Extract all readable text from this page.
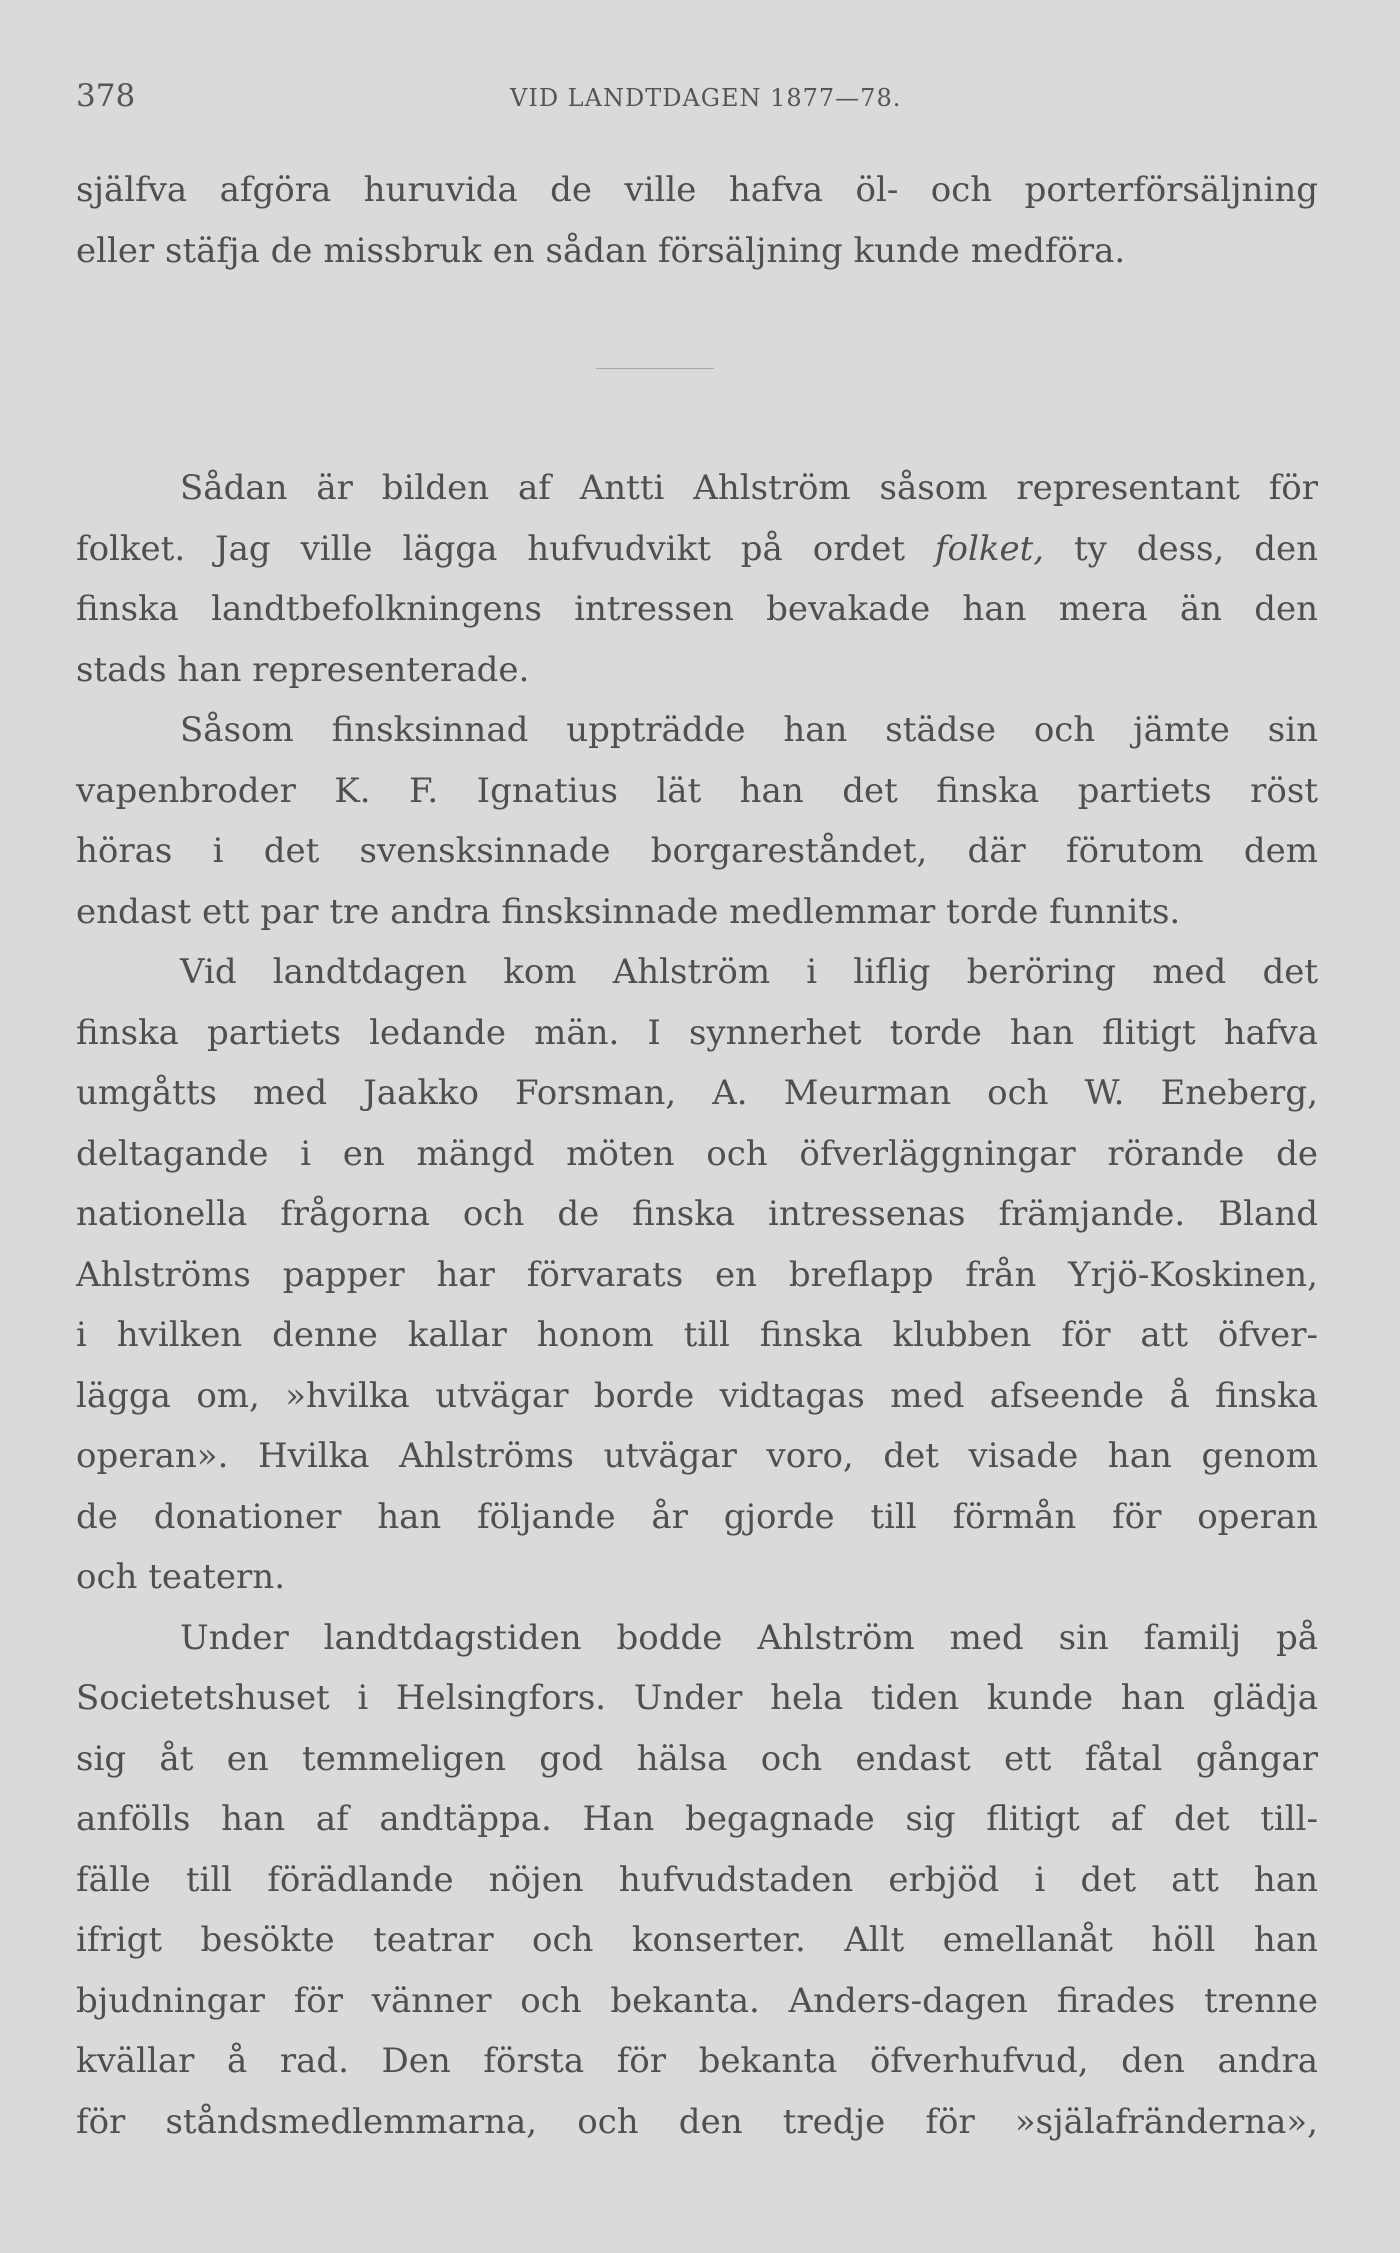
378	VID LANDTDAGEN 1877—78.
själfva afgöra huruvida de ville hafva öl- och porterförsäljning
eller stäfja de missbruk en sådan försäljning kunde medföra.
Sådan är bilden af Antti Ahlström såsom representant för
folket. Jag ville lägga hufvudvikt på ordet folket, ty dess, den
finska landtbefolkningens intressen bevakade han mera än den
stads han representerade.
Såsom finsksinnad uppträdde han städse och jämte sin
vapenbroder K. F. Ignatius lät han det finska partiets röst
höras i det svensksinnade borgareståndet, där förutom dem
endast ett par tre andra finsksinnade medlemmar torde funnits.
Vid landtdagen kom Ahlström i liflig beröring med det
finska partiets ledande män. I synnerhet torde han flitigt hafva
umgåtts med Jaakko Forsman, A. Meurman och W. Eneberg,
deltagande i en mängd möten och öfverläggningar rörande de
nationella frågorna och de finska intressenas främjande. Bland
Ahlströms papper har förvarats en breflapp från Yrjö-Koskinen,
i hvilken denne kallar honom till finska klubben för att öfver-
lägga om, »hvilka utvägar borde vidtagas med afseende å finska
operan». Hvilka Ahlströms utvägar voro, det visade han genom
de donationer han följande år gjorde till förmån för operan
och teatern.
Under landtdagstiden bodde Ahlström med sin familj på
Societetshuset i Helsingfors. Under hela tiden kunde han glädja
sig åt en temmeligen god hälsa och endast ett fåtal gångar
anfölls han af andtäppa. Han begagnade sig flitigt af det till-
fälle till förädlande nöjen hufvudstaden erbjöd i det att han
ifrigt besökte teatrar och konserter. Allt emellanåt höll han
bjudningar för vänner och bekanta. Anders-dagen firades trenne
kvällar å rad. Den första för bekanta öfverhufvud, den andra
för ståndsmedlemmarna, och den tredje för »själafränderna»,
